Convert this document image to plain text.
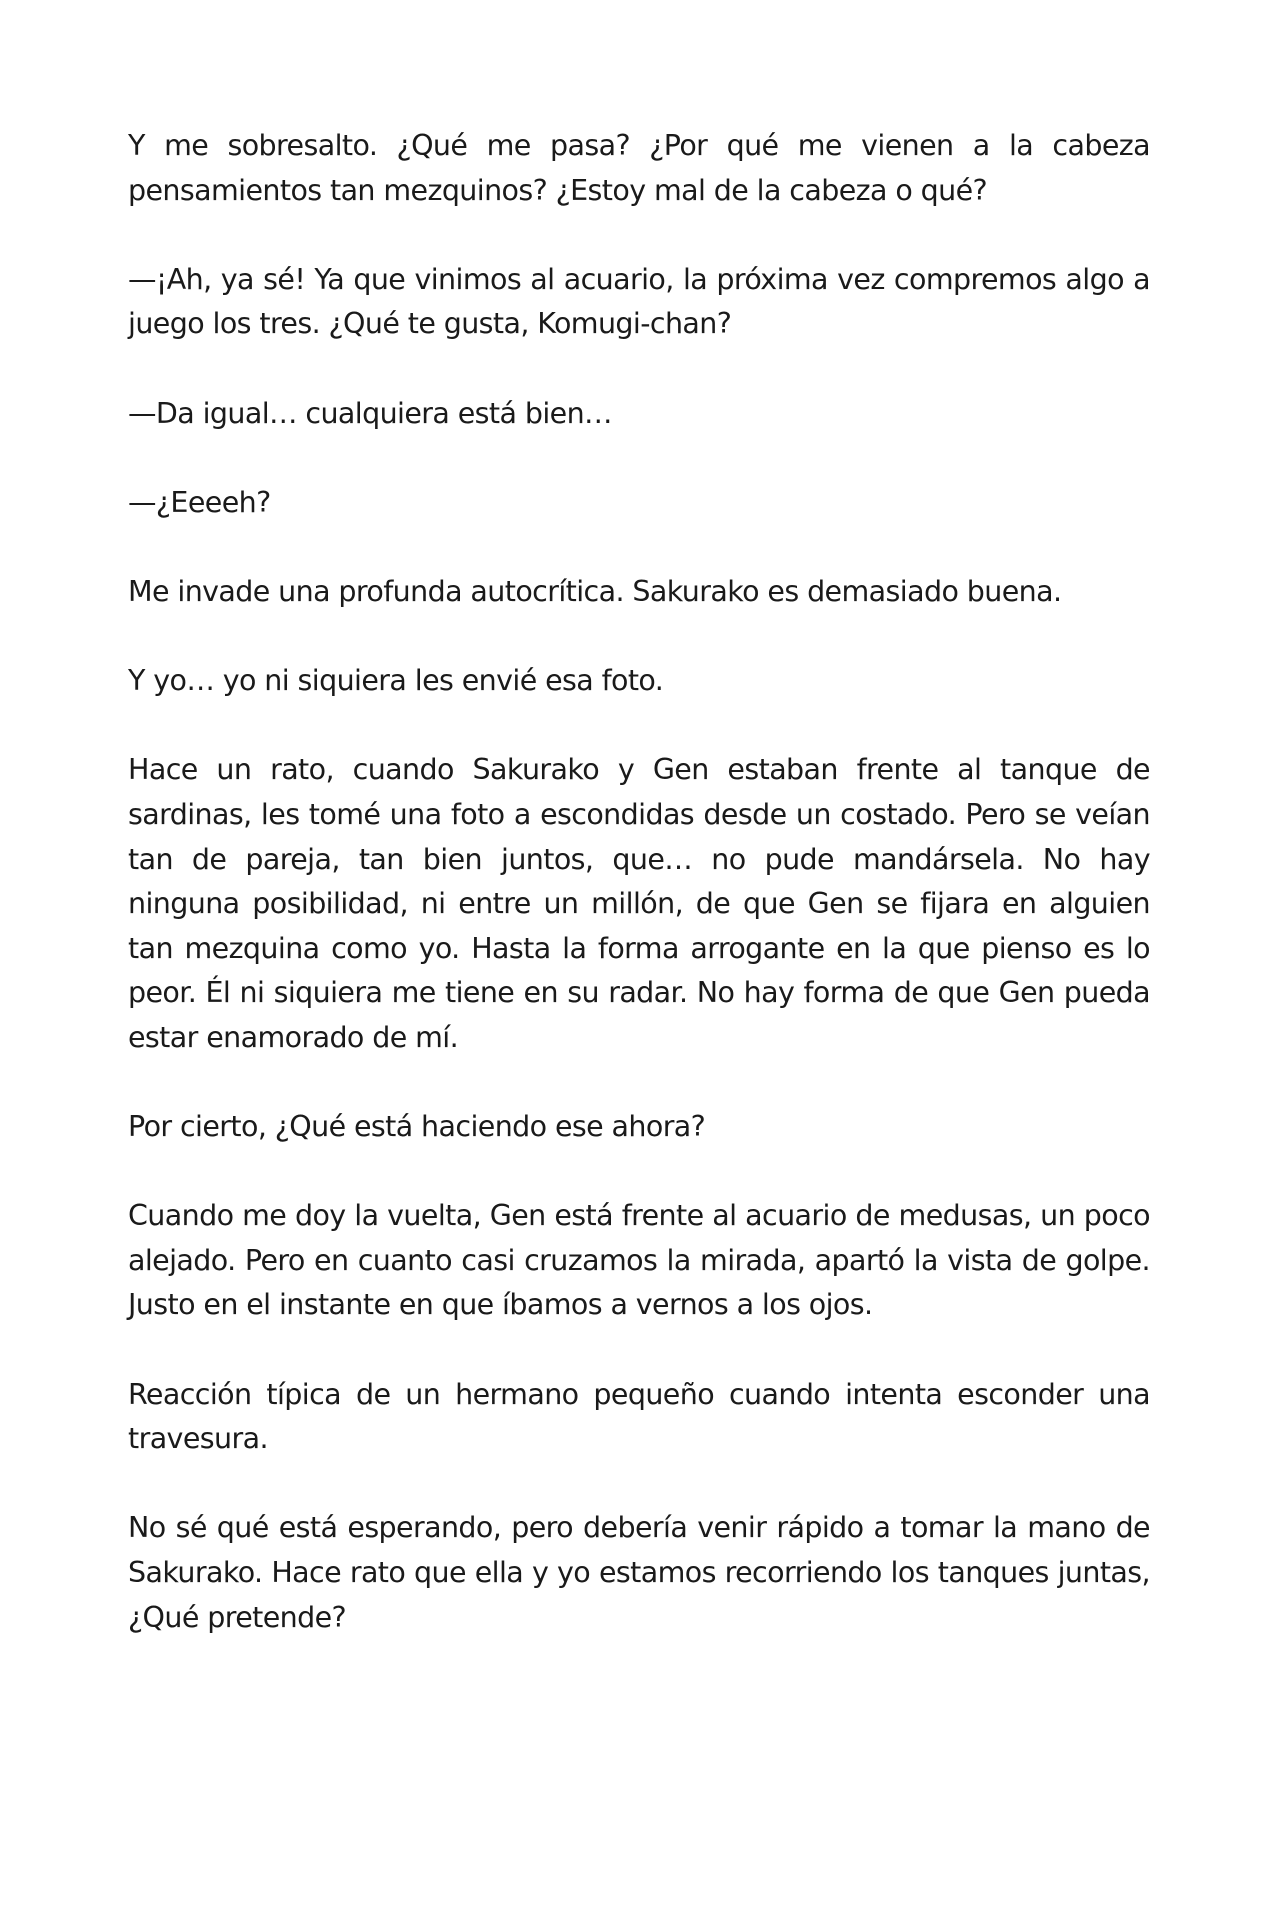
Y me sobresalto. ¿Qué me pasa? ¿Por qué me vienen a la cabeza pensamientos tan mezquinos? ¿Estoy mal de la cabeza o qué?

—¡Ah, ya sé! Ya que vinimos al acuario, la próxima vez compremos algo a juego los tres. ¿Qué te gusta, Komugi-chan?

—Da igual… cualquiera está bien…

—¿Eeeeh?

Me invade una profunda autocrítica. Sakurako es demasiado buena.

Y yo… yo ni siquiera les envié esa foto.

Hace un rato, cuando Sakurako y Gen estaban frente al tanque de sardinas, les tomé una foto a escondidas desde un costado. Pero se veían tan de pareja, tan bien juntos, que… no pude mandársela. No hay ninguna posibilidad, ni entre un millón, de que Gen se fijara en alguien tan mezquina como yo. Hasta la forma arrogante en la que pienso es lo peor. Él ni siquiera me tiene en su radar. No hay forma de que Gen pueda estar enamorado de mí.

Por cierto, ¿Qué está haciendo ese ahora?

Cuando me doy la vuelta, Gen está frente al acuario de medusas, un poco alejado. Pero en cuanto casi cruzamos la mirada, apartó la vista de golpe. Justo en el instante en que íbamos a vernos a los ojos.

Reacción típica de un hermano pequeño cuando intenta esconder una travesura.

No sé qué está esperando, pero debería venir rápido a tomar la mano de Sakurako. Hace rato que ella y yo estamos recorriendo los tanques juntas, ¿Qué pretende?
